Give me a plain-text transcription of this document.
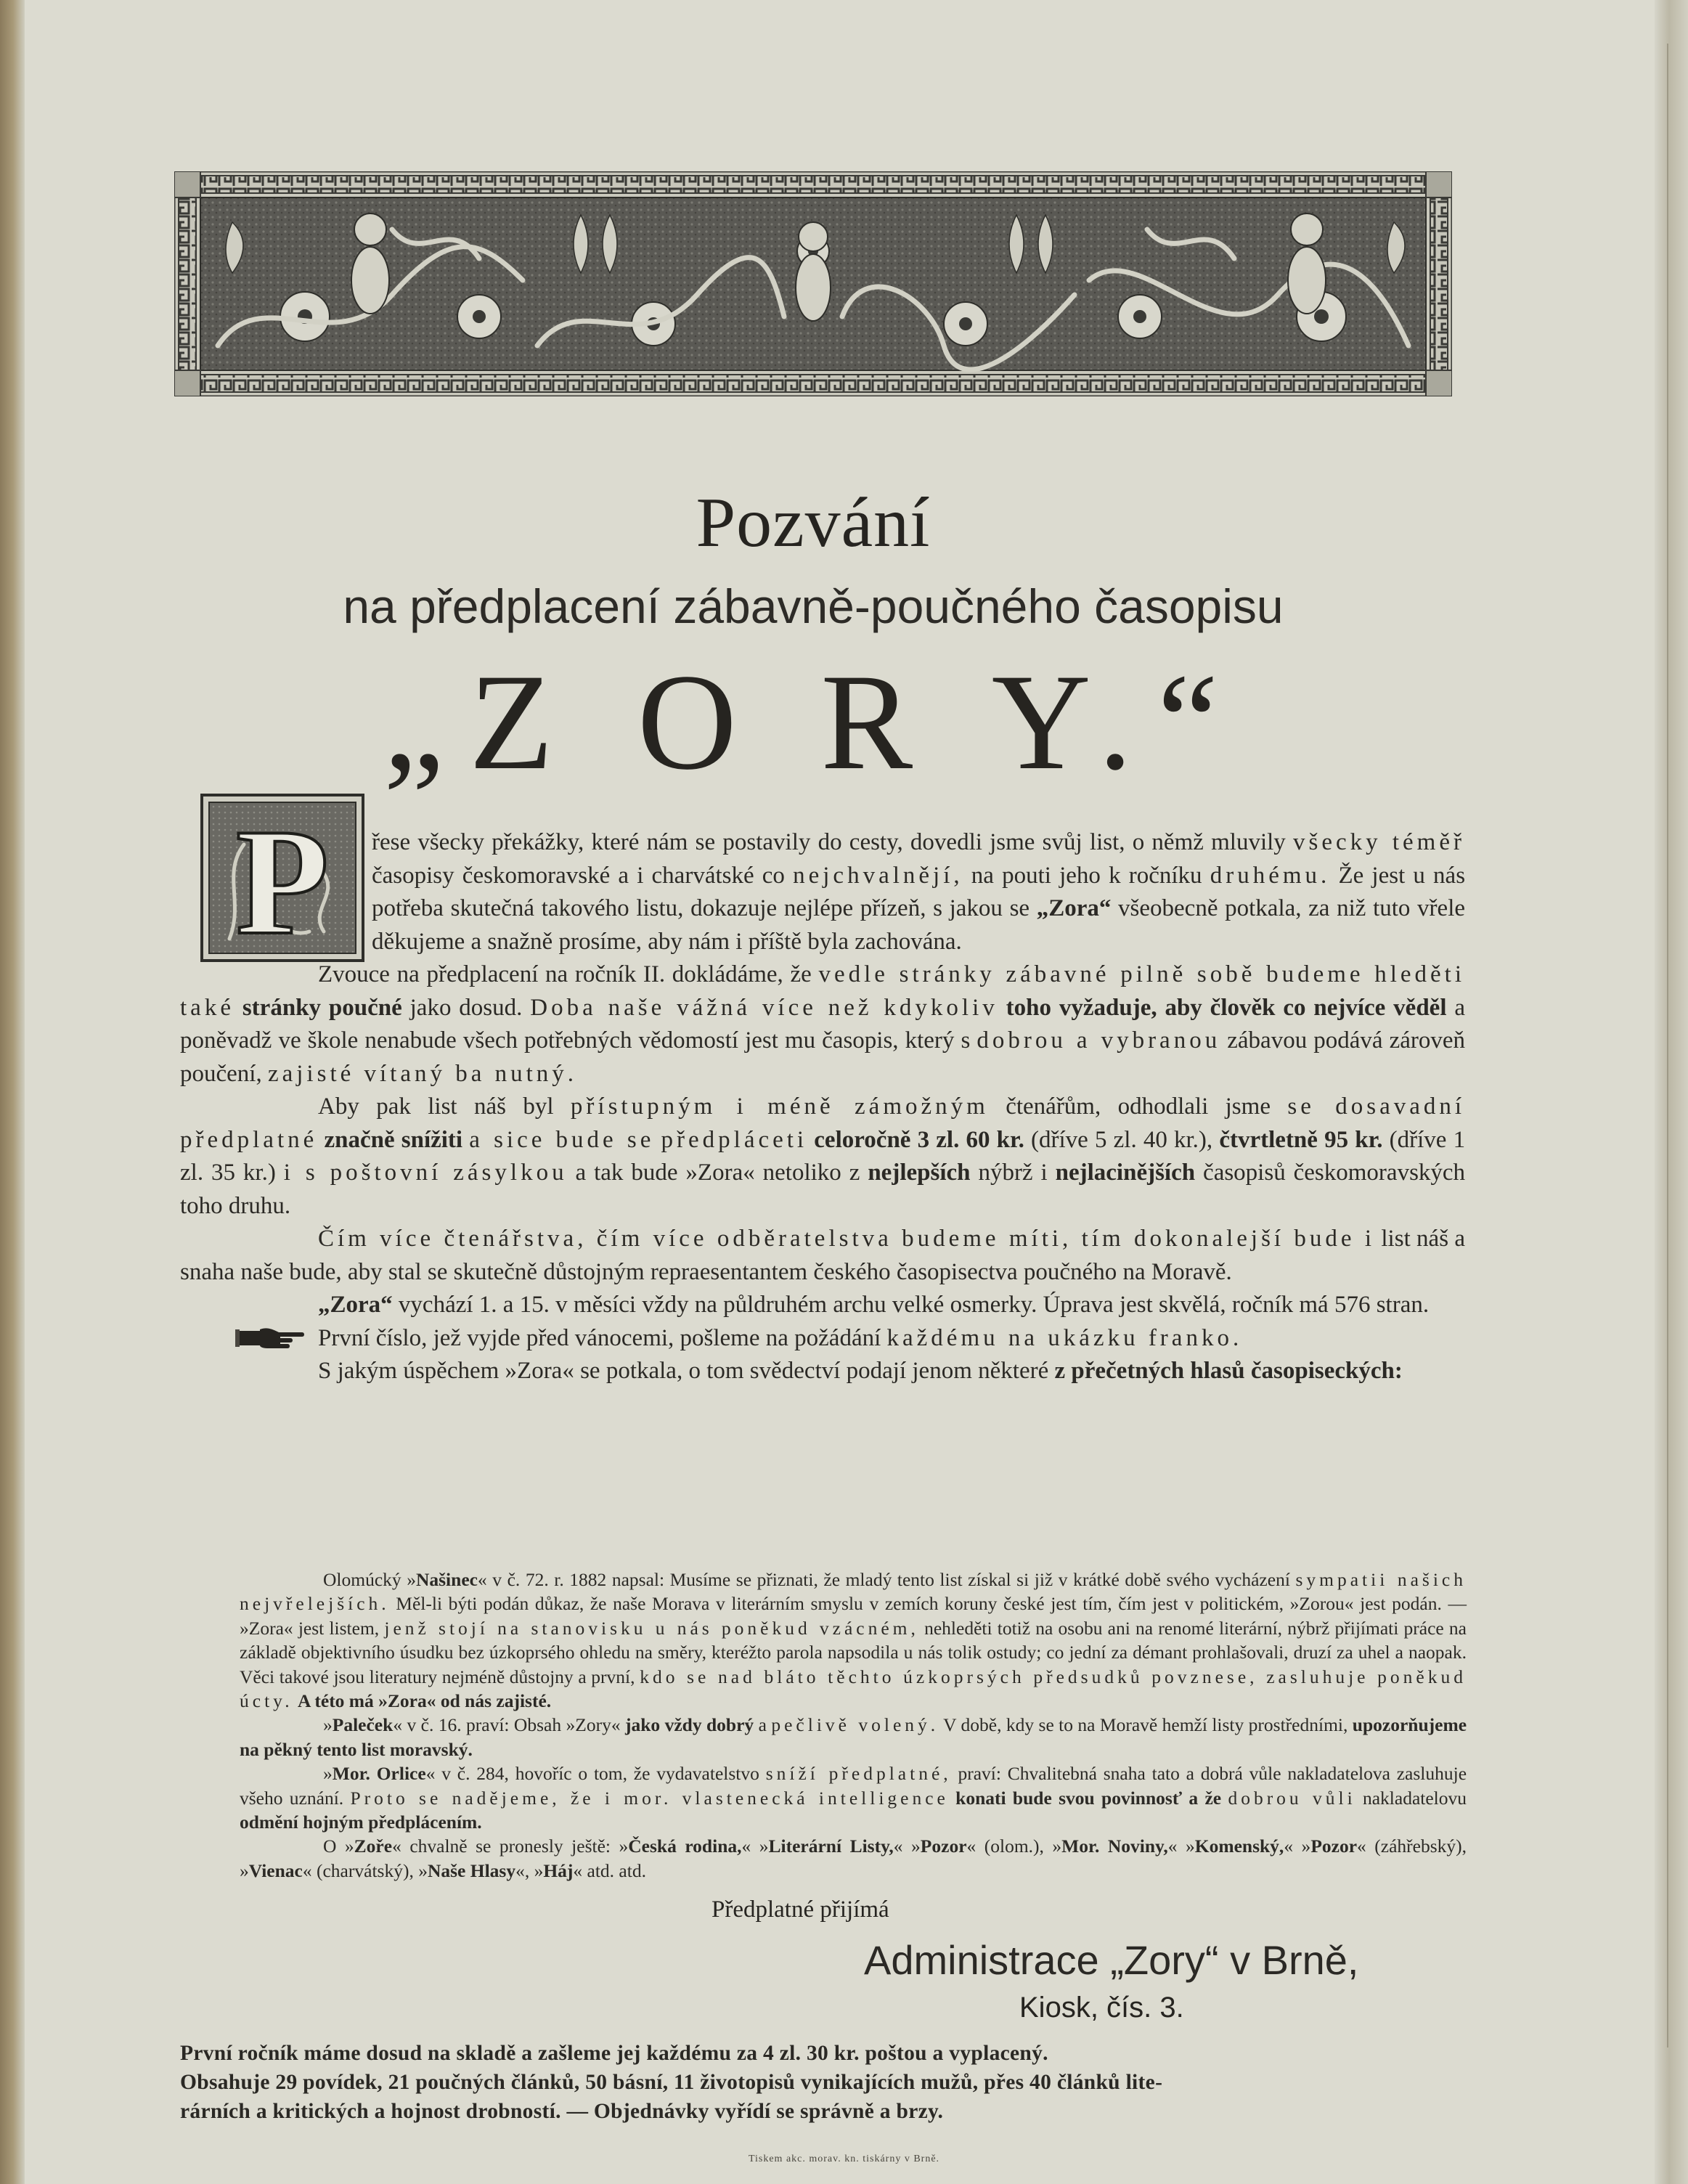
Pozvání
na předplacení zábavně-poučného časopisu
„Z O R Y.“
P	řese všecky překážky, které nám se postavily do cesty, dovedli jsme svůj list, o němž mluvily všecky téměř časopisy českomoravské a i charvátské co nejchvalnějí, na pouti jeho k ročníku druhému. Že jest u nás potřeba skutečná takového listu, dokazuje nejlépe přízeň, s jakou se „Zora“ všeobecně potkala, za niž tuto vřele děkujeme a snažně prosíme, aby nám i příště byla zachována.

Zvouce na předplacení na ročník II. dokládáme, že vedle stránky zábavné pilně sobě budeme hleděti také stránky poučné jako dosud. Doba naše vážná více než kdykoliv toho vyžaduje, aby člověk co nejvíce věděl a poněvadž ve škole nenabude všech potřebných vědomostí jest mu časopis, který s dobrou a vybranou zábavou podává zároveň poučení, zajisté vítaný ba nutný.

Aby pak list náš byl přístupným i méně zámožným čtenářům, odhodlali jsme se dosavadní předplatné značně snížiti a sice bude se předpláceti celoročně 3 zl. 60 kr. (dříve 5 zl. 40 kr.), čtvrtletně 95 kr. (dříve 1 zl. 35 kr.) i s poštovní zásylkou a tak bude »Zora« netoliko z nejlepších nýbrž i nejlacinějších časopisů českomoravských toho druhu.

Čím více čtenářstva, čím více odběratelstva budeme míti, tím dokonalejší bude i list náš a snaha naše bude, aby stal se skutečně důstojným repraesentantem českého časopisectva poučného na Moravě.

„Zora“ vychází 1. a 15. v měsíci vždy na půldruhém archu velké osmerky. Úprava jest skvělá, ročník má 576 stran.

První číslo, jež vyjde před vánocemi, pošleme na požádání každému na ukázku franko.

S jakým úspěchem »Zora« se potkala, o tom svědectví podají jenom některé z přečetných hlasů časopiseckých:

Olomúcký »Našinec« v č. 72. r. 1882 napsal: Musíme se přiznati, že mladý tento list získal si již v krátké době svého vycházení sympatii našich nejvřelejších. Měl-li býti podán důkaz, že naše Morava v literárním smyslu v zemích koruny české jest tím, čím jest v politickém, »Zorou« jest podán. — »Zora« jest listem, jenž stojí na stanovisku u nás poněkud vzácném, nehleděti totiž na osobu ani na renomé literární, nýbrž přijímati práce na základě objektivního úsudku bez úzkoprsého ohledu na směry, kteréžto parola napsodila u nás tolik ostudy; co jední za démant prohlašovali, druzí za uhel a naopak. Věci takové jsou literatury nejméně důstojny a první, kdo se nad bláto těchto úzkoprsých předsudků povznese, zasluhuje poněkud úcty. A této má »Zora« od nás zajisté.

»Paleček« v č. 16. praví: Obsah »Zory« jako vždy dobrý a pečlivě volený. V době, kdy se to na Moravě hemží listy prostředními, upozorňujeme na pěkný tento list moravský.

»Mor. Orlice« v č. 284, hovoříc o tom, že vydavatelstvo sníží předplatné, praví: Chvalitebná snaha tato a dobrá vůle nakladatelova zasluhuje všeho uznání. Proto se nadějeme, že i mor. vlastenecká intelligence konati bude svou povinnosť a že dobrou vůli nakladatelovu odmění hojným předplácením.

O »Zoře« chvalně se pronesly ještě: »Česká rodina,« »Literární Listy,« »Pozor« (olom.), »Mor. Noviny,« »Komenský,« »Pozor« (záhřebský), »Vienac« (charvátský), »Naše Hlasy«, »Háj« atd. atd.

Předplatné přijímá
Administrace „Zory“ v Brně,
Kiosk, čís. 3.
První ročník máme dosud na skladě a zašleme jej každému za 4 zl. 30 kr. poštou a vyplacený.
Obsahuje 29 povídek, 21 poučných článků, 50 básní, 11 životopisů vynikajících mužů, přes 40 článků lite-
rárních a kritických a hojnost drobností. — Objednávky vyřídí se správně a brzy.
Tiskem akc. morav. kn. tiskárny v Brně.
